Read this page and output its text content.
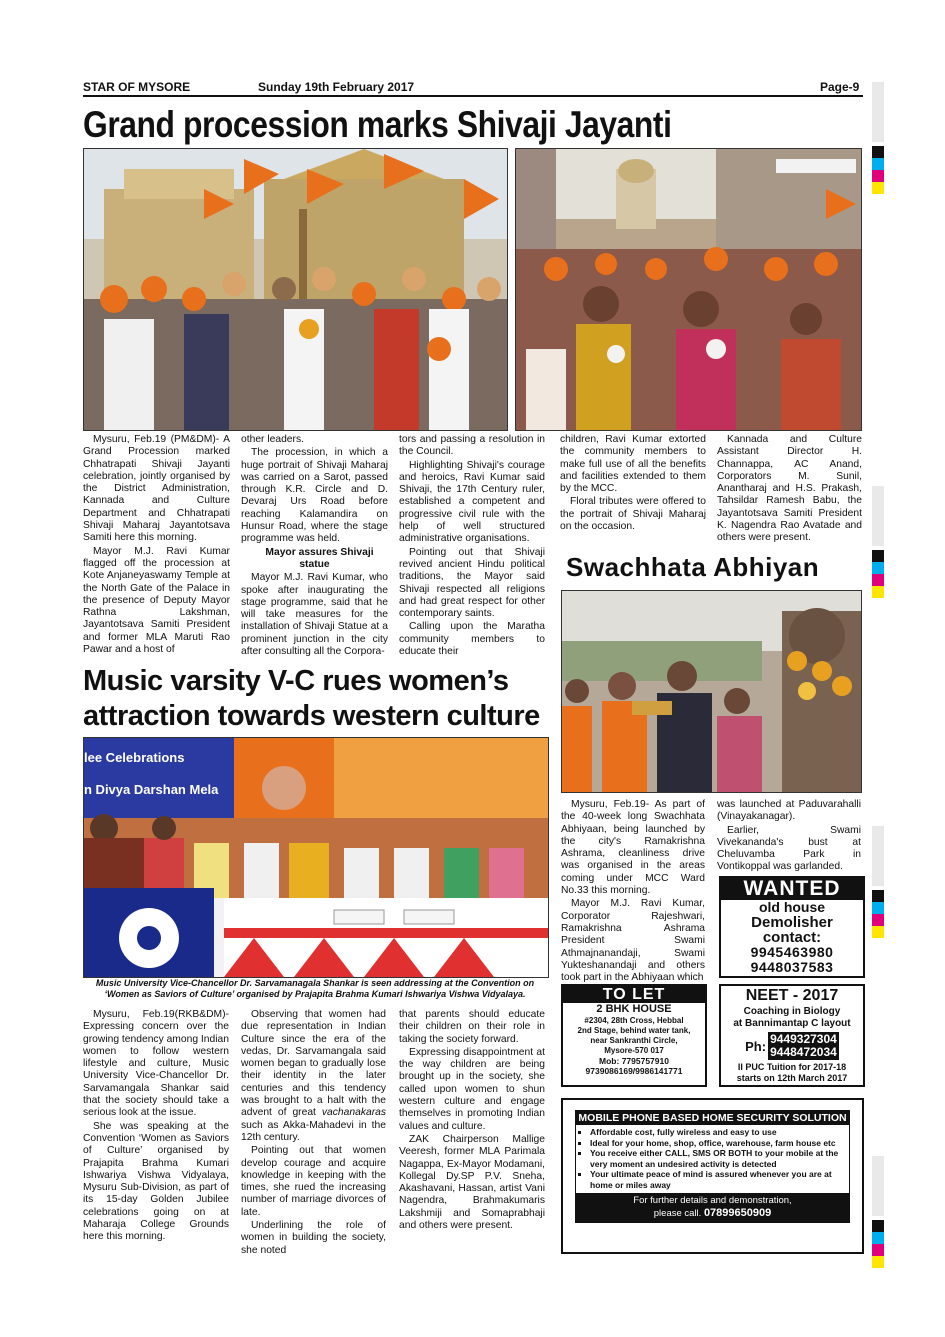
STAR OF MYSORE	Sunday 19th February 2017	Page-9
Grand procession marks Shivaji Jayanti

Mysuru, Feb.19 (PM&DM)- A Grand Procession marked Chhatrapati Shivaji Jayanti celebration, jointly organised by the District Administration, Kannada and Culture Department and Chhatrapati Shivaji Maharaj Jayantotsava Samiti here this morning.

Mayor M.J. Ravi Kumar flagged off the procession at Kote Anjaneyaswamy Temple at the North Gate of the Palace in the presence of Deputy Mayor Rathna Lakshman, Jayantotsava Samiti President and former MLA Maruti Rao Pawar and a host of

other leaders.

The procession, in which a huge portrait of Shivaji Maharaj was carried on a Sarot, passed through K.R. Circle and D. Devaraj Urs Road before reaching Kalamandira on Hunsur Road, where the stage programme was held.

Mayor assures Shivaji statue

Mayor M.J. Ravi Kumar, who spoke after inaugurating the stage programme, said that he will take measures for the installation of Shivaji Statue at a prominent junction in the city after consulting all the Corpora-

tors and passing a resolution in the Council.

Highlighting Shivaji's courage and heroics, Ravi Kumar said Shivaji, the 17th Century ruler, established a competent and progressive civil rule with the help of well structured administrative organisations.

Pointing out that Shivaji revived ancient Hindu political traditions, the Mayor said Shivaji respected all religions and had great respect for other contemporary saints.

Calling upon the Maratha community members to educate their

children, Ravi Kumar extorted the community members to make full use of all the benefits and facilities extended to them by the MCC.

Floral tributes were offered to the portrait of Shivaji Maharaj on the occasion.

Kannada and Culture Assistant Director H. Channappa, AC Anand, Corporators M. Sunil, Anantharaj and H.S. Prakash, Tahsildar Ramesh Babu, the Jayantotsava Samiti President K. Nagendra Rao Avatade and others were present.

Swachhata Abhiyan

Mysuru, Feb.19- As part of the 40-week long Swachhata Abhiyaan, being launched by the city's Ramakrishna Ashrama, cleanliness drive was organised in the areas coming under MCC Ward No.33 this morning.

Mayor M.J. Ravi Kumar, Corporator Rajeshwari, Ramakrishna Ashrama President Swami Athmajnanandaji, Swami Yukteshanandaji and others took part in the Abhiyaan which

was launched at Paduvarahalli (Vinayakanagar).

Earlier, Swami Vivekananda's bust at Cheluvamba Park in Vontikoppal was garlanded.

Music varsity V-C rues women’s
attraction towards western culture
lee Celebrations
n Divya Darshan Mela
Music University Vice-Chancellor Dr. Sarvamanagala Shankar is seen addressing at the Convention on
‘Women as Saviors of Culture’ organised by Prajapita Brahma Kumari Ishwariya Vishwa Vidyalaya.

Mysuru, Feb.19(RKB&DM)- Expressing concern over the growing tendency among Indian women to follow western lifestyle and culture, Music University Vice-Chancellor Dr. Sarvamangala Shankar said that the society should take a serious look at the issue.

She was speaking at the Convention ‘Women as Saviors of Culture’ organised by Prajapita Brahma Kumari Ishwariya Vishwa Vidyalaya, Mysuru Sub-Division, as part of its 15-day Golden Jubilee celebrations going on at Maharaja College Grounds here this morning.

Observing that women had due representation in Indian Culture since the era of the vedas, Dr. Sarvamangala said women began to gradually lose their identity in the later centuries and this tendency was brought to a halt with the advent of great vachanakaras such as Akka-Mahadevi in the 12th century.

Pointing out that women develop courage and acquire knowledge in keeping with the times, she rued the increasing number of marriage divorces of late.

Underlining the role of women in building the society, she noted

that parents should educate their children on their role in taking the society forward.

Expressing disappointment at the way children are being brought up in the society, she called upon women to shun western culture and engage themselves in promoting Indian values and culture.

ZAK Chairperson Mallige Veeresh, former MLA Parimala Nagappa, Ex-Mayor Modamani, Kollegal Dy.SP P.V. Sneha, Akashavani, Hassan, artist Vani Nagendra, Brahmakumaris Lakshmiji and Somaprabhaji and others were present.

WANTED
old house
Demolisher
contact:
9945463980
9448037583
TO LET
2 BHK HOUSE
#2304, 28th Cross, Hebbal
2nd Stage, behind water tank,
near Sankranthi Circle,
Mysore-570 017
Mob: 7795757910
9739086169/9986141771
NEET - 2017
Coaching in Biology
at Bannimantap C layout
Ph: 9449327304
9448472034
II PUC Tuition for 2017-18
starts on 12th March 2017
MOBILE PHONE BASED HOME SECURITY SOLUTION
▪ Affordable cost, fully wireless and easy to use
▪ Ideal for your home, shop, office, warehouse, farm house etc
▪ You receive either CALL, SMS OR BOTH to your mobile at the very moment an undesired activity is detected
▪ Your ultimate peace of mind is assured whenever you are at home or miles away
For further details and demonstration,
please call. 07899650909
